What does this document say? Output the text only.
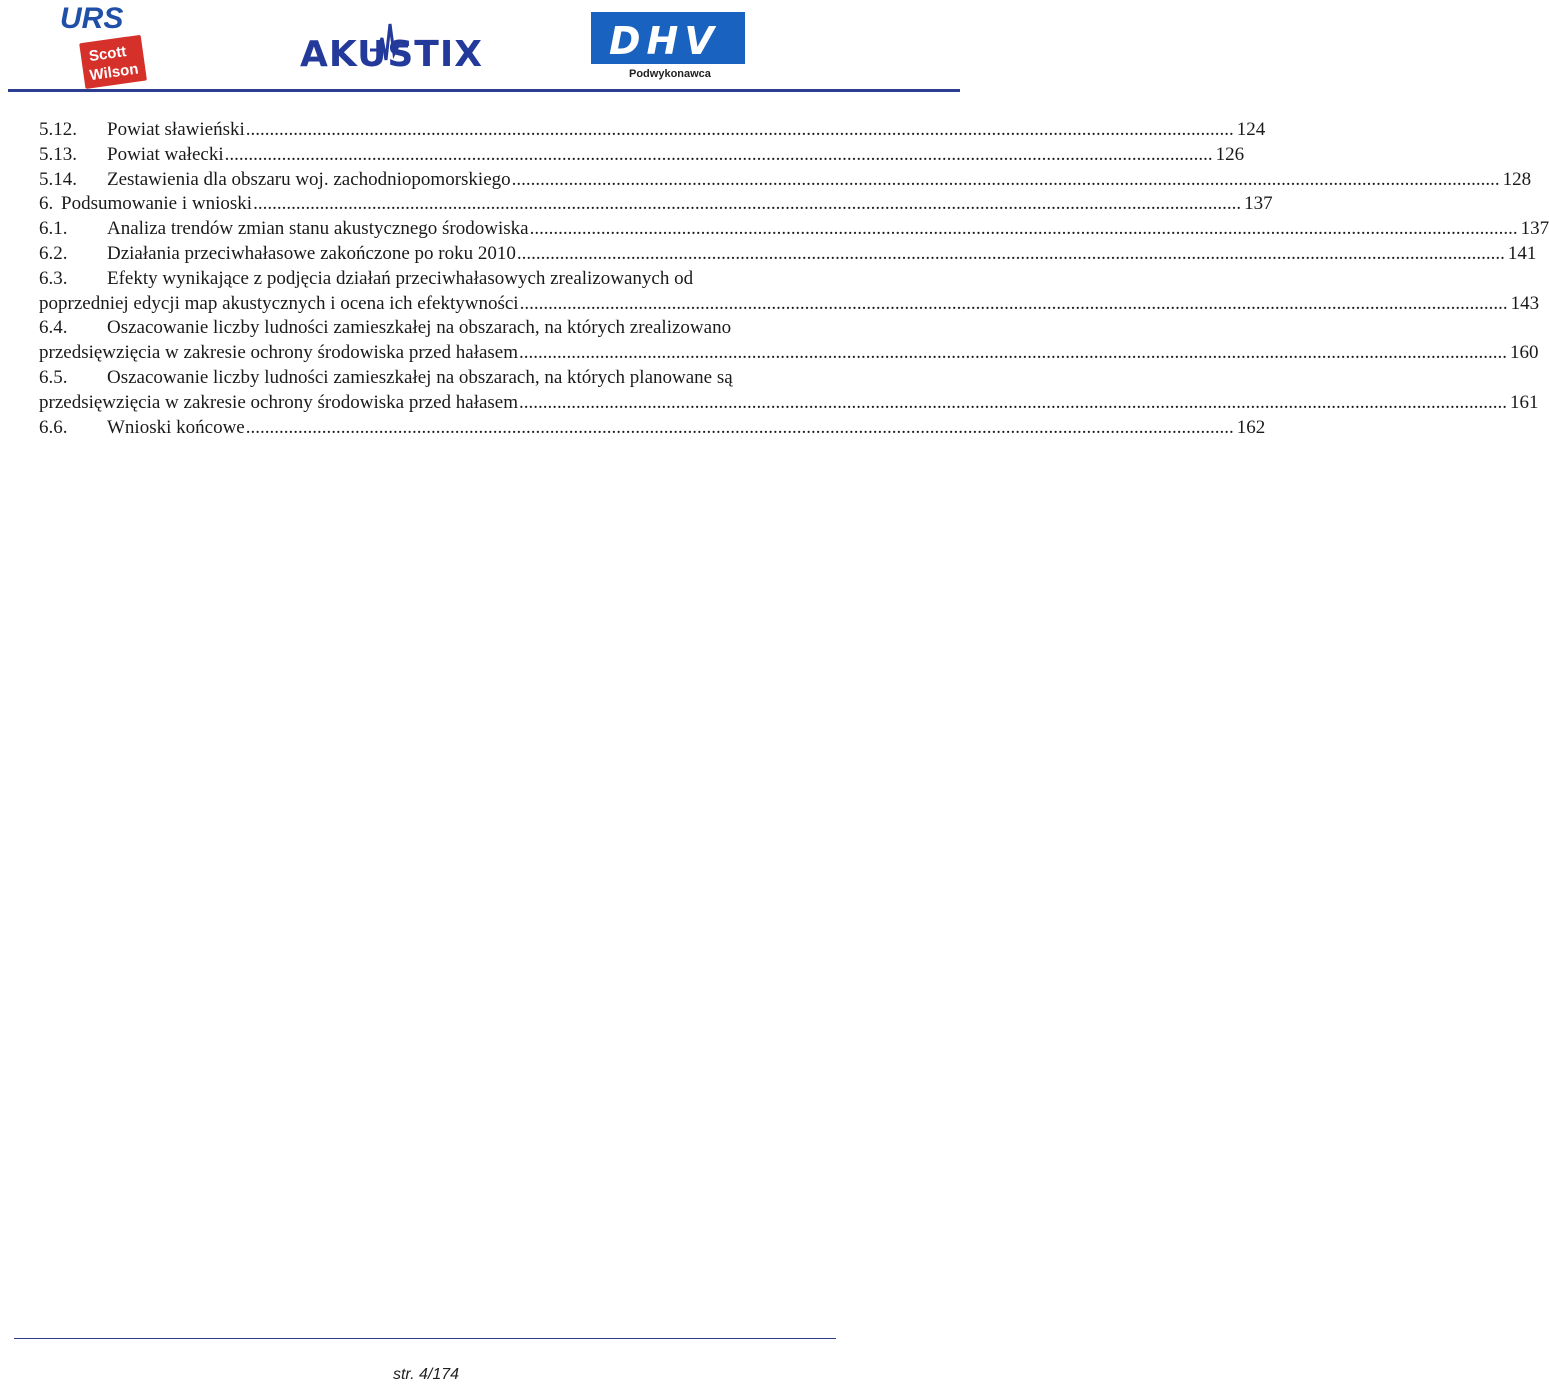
URS
Scott
Wilson	AKUSTIX	DHV
Podwykonawca
5.12.	Powiat sławieński .....	124
5.13.	Powiat wałecki .....	126
5.14.	Zestawienia dla obszaru woj. zachodniopomorskiego .....	128
6. Podsumowanie i wnioski .....	137
6.1.	Analiza trendów zmian stanu akustycznego środowiska .....	137
6.2.	Działania przeciwhałasowe zakończone po roku 2010 .....	141
6.3.	Efekty wynikające z podjęcia działań przeciwhałasowych zrealizowanych od
poprzedniej edycji map akustycznych i ocena ich efektywności .....	143
6.4.	Oszacowanie liczby ludności zamieszkałej na obszarach, na których zrealizowano
przedsięwzięcia w zakresie ochrony środowiska przed hałasem .....	160
6.5.	Oszacowanie liczby ludności zamieszkałej na obszarach, na których planowane są
przedsięwzięcia w zakresie ochrony środowiska przed hałasem .....	161
6.6.	Wnioski końcowe .....	162
str. 4/174
